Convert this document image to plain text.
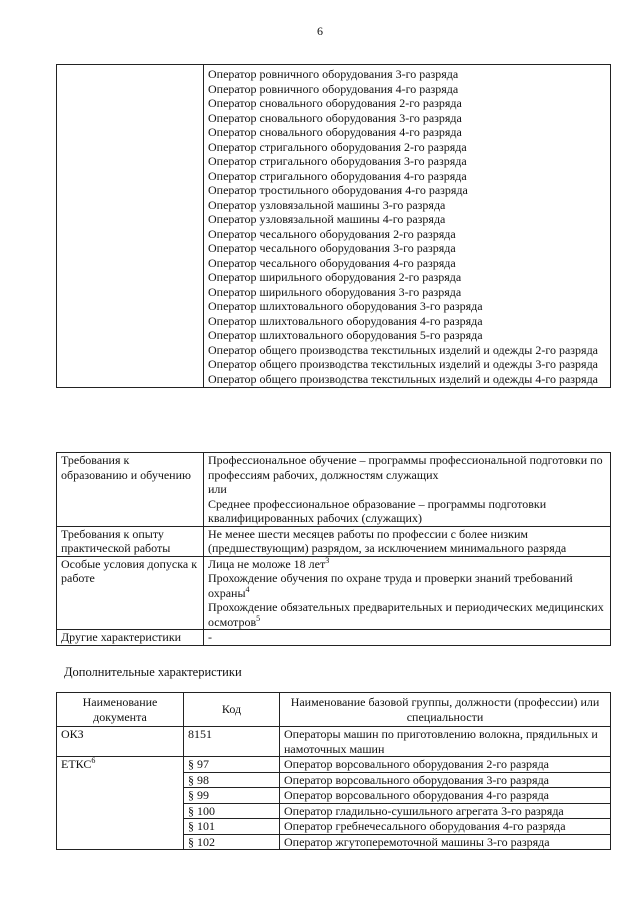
6

Оператор ровничного оборудования 3-го разряда
Оператор ровничного оборудования 4-го разряда
Оператор сновального оборудования 2-го разряда
Оператор сновального оборудования 3-го разряда
Оператор сновального оборудования 4-го разряда
Оператор стригального оборудования 2-го разряда
Оператор стригального оборудования 3-го разряда
Оператор стригального оборудования 4-го разряда
Оператор тростильного оборудования 4-го разряда
Оператор узловязальной машины 3-го разряда
Оператор узловязальной машины 4-го разряда
Оператор чесального оборудования 2-го разряда
Оператор чесального оборудования 3-го разряда
Оператор чесального оборудования 4-го разряда
Оператор ширильного оборудования 2-го разряда
Оператор ширильного оборудования 3-го разряда
Оператор шлихтовального оборудования 3-го разряда
Оператор шлихтовального оборудования 4-го разряда
Оператор шлихтовального оборудования 5-го разряда
Оператор общего производства текстильных изделий и одежды 2-го разряда
Оператор общего производства текстильных изделий и одежды 3-го разряда
Оператор общего производства текстильных изделий и одежды 4-го разряда
Требования к образованию и обучению	Профессиональное обучение – программы профессиональной подготовки по профессиям рабочих, должностям служащих
или
Среднее профессиональное образование – программы подготовки квалифицированных рабочих (служащих)

Требования к опыту практической работы	Не менее шести месяцев работы по профессии с более низким (предшествующим) разрядом, за исключением минимального разряда
Особые условия допуска к работе	Лица не моложе 18 лет$^3$
Прохождение обучения по охране труда и проверки знаний требований охраны$^4$
Прохождение обязательных предварительных и периодических медицинских осмотров$^5$

Другие характеристики	-
Дополнительные характеристики
Наименование документа	Код	Наименование базовой группы, должности (профессии) или специальности
ОКЗ	8151	Операторы машин по приготовлению волокна, прядильных и намоточных машин
ЕТКС$^6$	§ 97	Оператор ворсовального оборудования 2-го разряда
	§ 98	Оператор ворсовального оборудования 3-го разряда
	§ 99	Оператор ворсовального оборудования 4-го разряда
	§ 100	Оператор гладильно-сушильного агрегата 3-го разряда
	§ 101	Оператор гребнечесального оборудования 4-го разряда
	§ 102	Оператор жгутоперемоточной машины 3-го разряда
